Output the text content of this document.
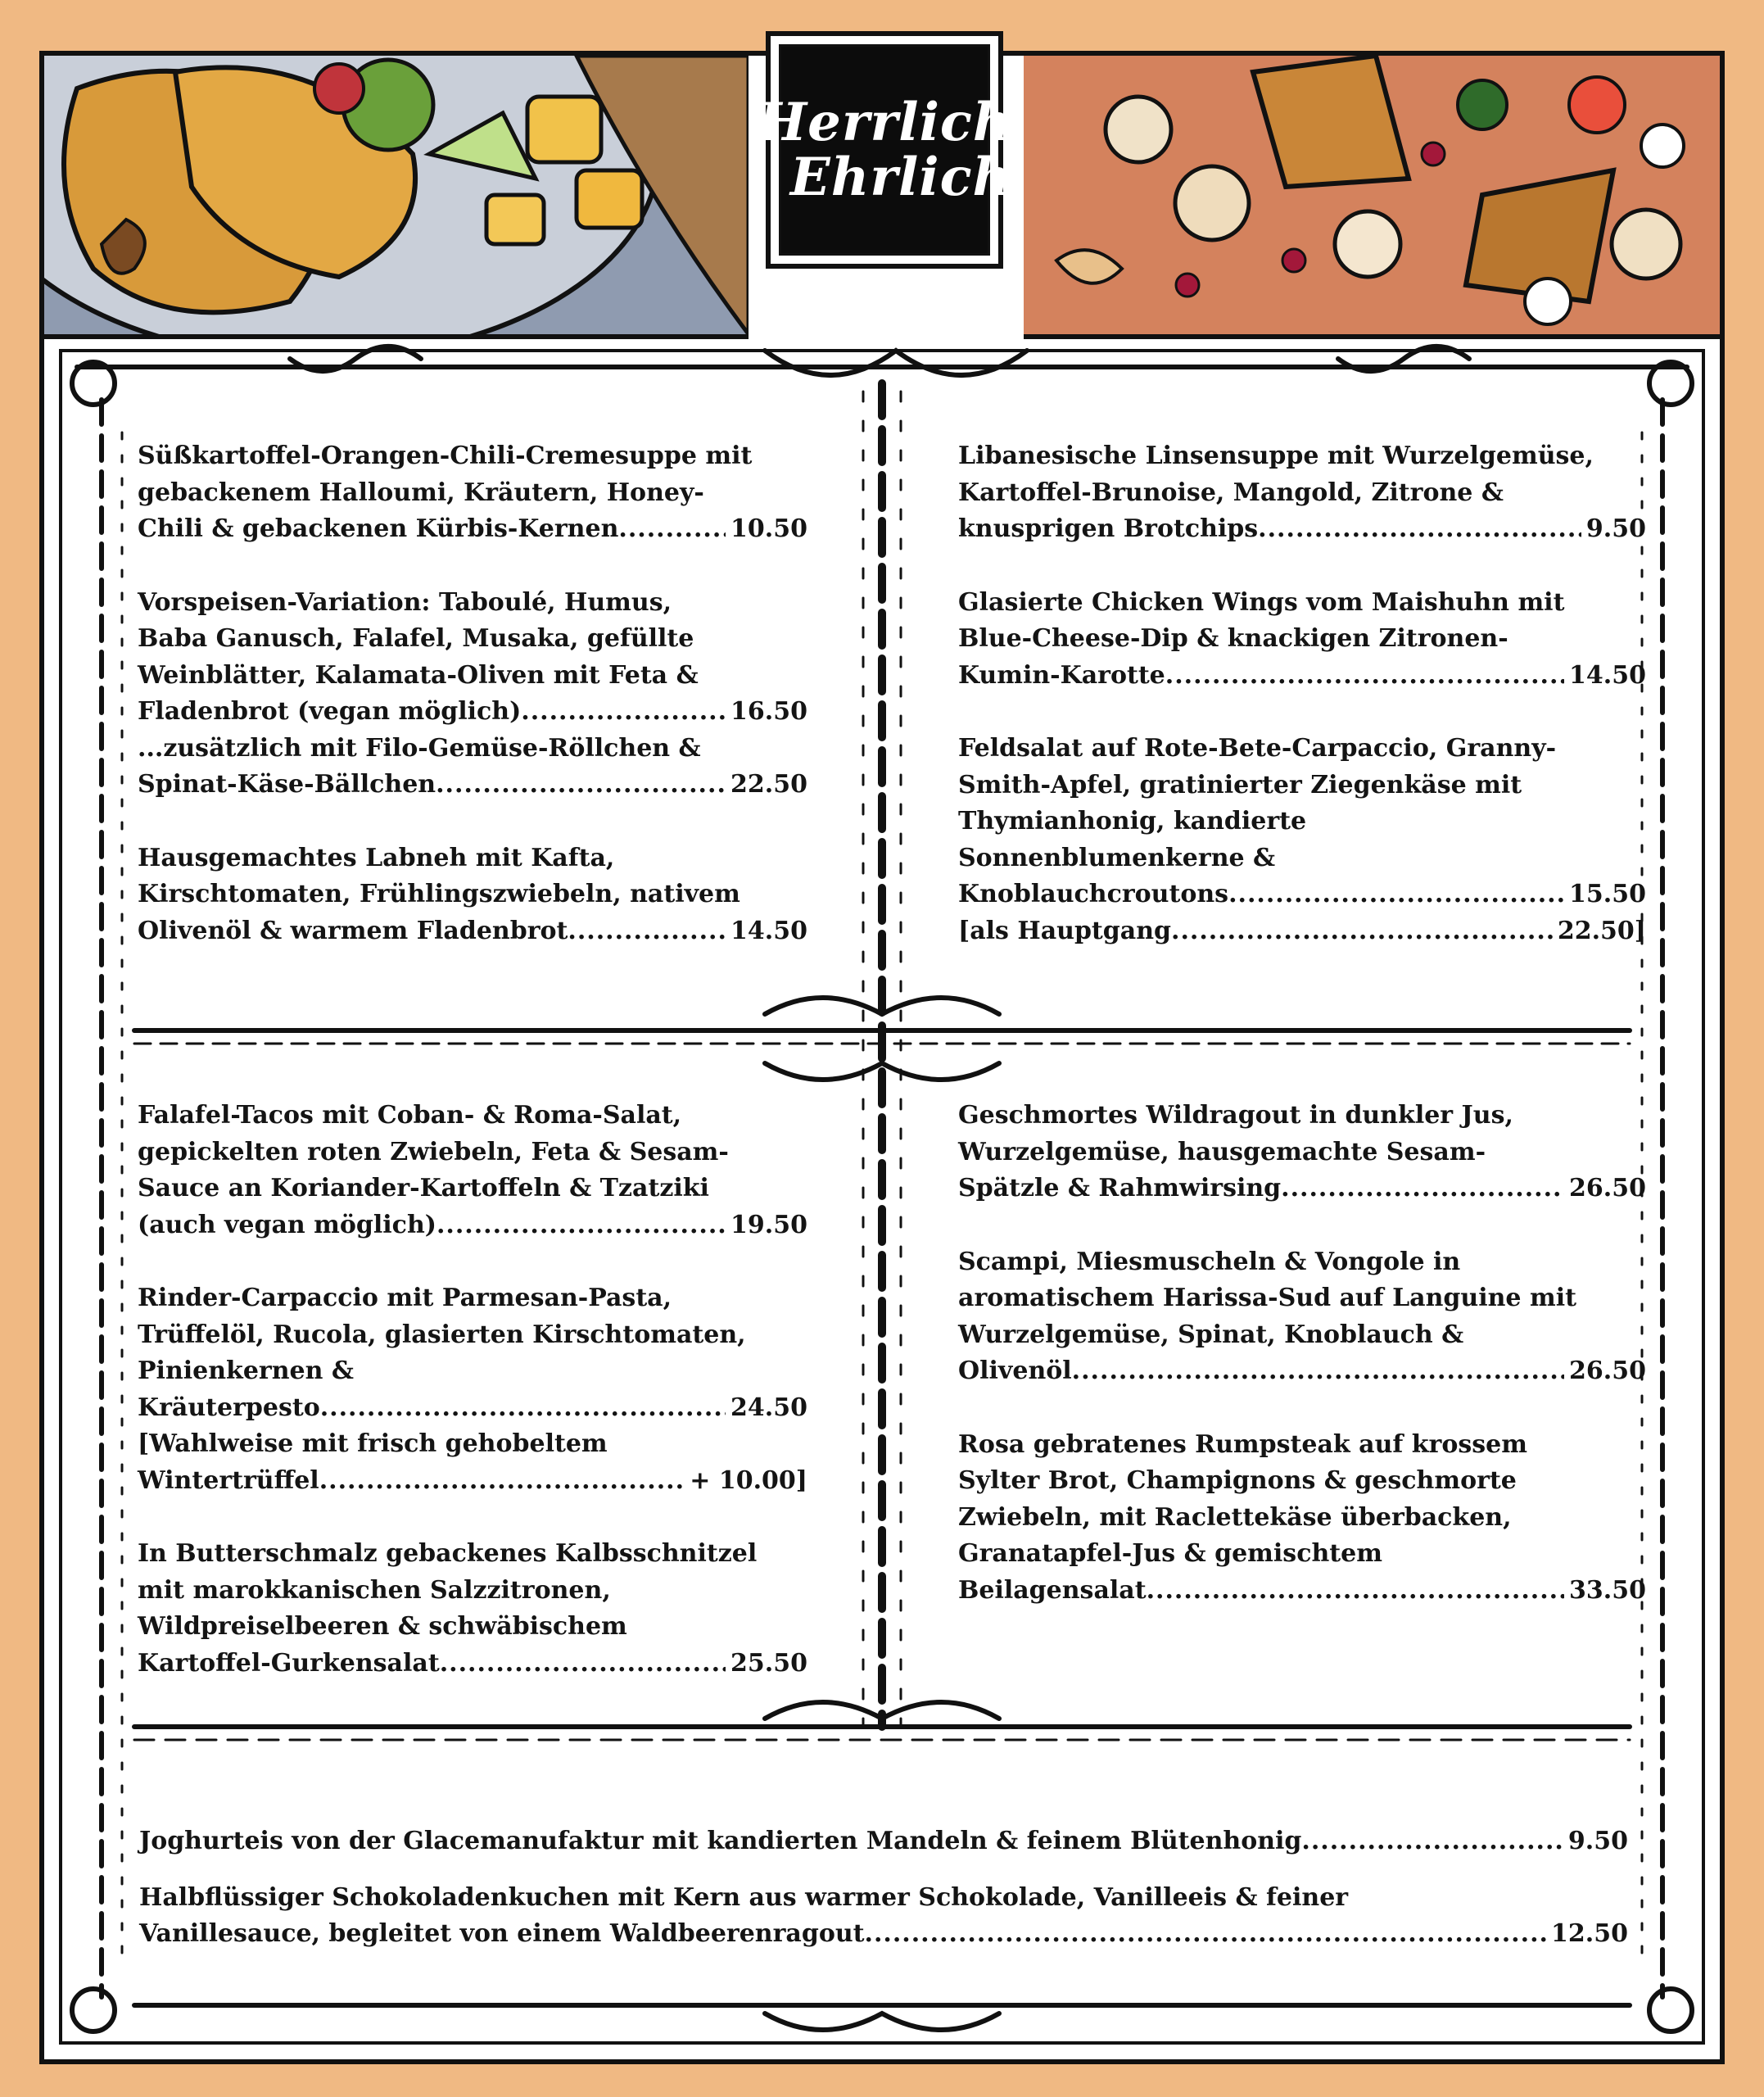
Herrlich
Ehrlich
Süßkartoffel-Orangen-Chili-Cremesuppe mit
gebackenem Halloumi, Kräutern, Honey-
Chili & gebackenen Kürbis-Kernen .....	10.50
Vorspeisen-Variation: Taboulé, Humus,
Baba Ganusch, Falafel, Musaka, gefüllte
Weinblätter, Kalamata-Oliven mit Feta &
Fladenbrot (vegan möglich) .....	16.50
...zusätzlich mit Filo-Gemüse-Röllchen &
Spinat-Käse-Bällchen .....	22.50
Hausgemachtes Labneh mit Kafta,
Kirschtomaten, Frühlingszwiebeln, nativem
Olivenöl & warmem Fladenbrot .....	14.50
Libanesische Linsensuppe mit Wurzelgemüse,
Kartoffel-Brunoise, Mangold, Zitrone &
knusprigen Brotchips .....	9.50
Glasierte Chicken Wings vom Maishuhn mit
Blue-Cheese-Dip & knackigen Zitronen-
Kumin-Karotte .....	14.50
Feldsalat auf Rote-Bete-Carpaccio, Granny-
Smith-Apfel, gratinierter Ziegenkäse mit
Thymianhonig, kandierte
Sonnenblumenkerne &
Knoblauchcroutons .....	15.50
[als Hauptgang .....	22.50]
Falafel-Tacos mit Coban- & Roma-Salat,
gepickelten roten Zwiebeln, Feta & Sesam-
Sauce an Koriander-Kartoffeln & Tzatziki
(auch vegan möglich) .....	19.50
Rinder-Carpaccio mit Parmesan-Pasta,
Trüffelöl, Rucola, glasierten Kirschtomaten,
Pinienkernen &
Kräuterpesto .....	24.50
[Wahlweise mit frisch gehobeltem
Wintertrüffel .....	+ 10.00]
In Butterschmalz gebackenes Kalbsschnitzel
mit marokkanischen Salzzitronen,
Wildpreiselbeeren & schwäbischem
Kartoffel-Gurkensalat .....	25.50
Geschmortes Wildragout in dunkler Jus,
Wurzelgemüse, hausgemachte Sesam-
Spätzle & Rahmwirsing .....	26.50
Scampi, Miesmuscheln & Vongole in
aromatischem Harissa-Sud auf Languine mit
Wurzelgemüse, Spinat, Knoblauch &
Olivenöl .....	26.50
Rosa gebratenes Rumpsteak auf krossem
Sylter Brot, Champignons & geschmorte
Zwiebeln, mit Raclettekäse überbacken,
Granatapfel-Jus & gemischtem
Beilagensalat .....	33.50
Joghurteis von der Glacemanufaktur mit kandierten Mandeln & feinem Blütenhonig .....	9.50
Halbflüssiger Schokoladenkuchen mit Kern aus warmer Schokolade, Vanilleeis & feiner
Vanillesauce, begleitet von einem Waldbeerenragout .....	12.50
